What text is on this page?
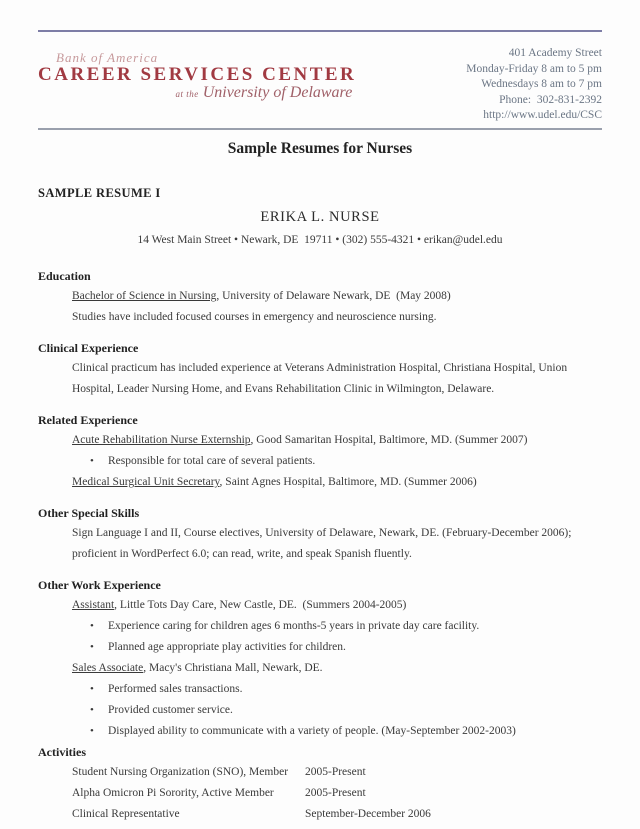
Bank of America
CAREER SERVICES CENTER
at the University of Delaware
401 Academy Street
Monday-Friday 8 am to 5 pm
Wednesdays 8 am to 7 pm
Phone:  302-831-2392
http://www.udel.edu/CSC
Sample Resumes for Nurses
SAMPLE RESUME I
ERIKA L. NURSE
14 West Main Street • Newark, DE  19711 • (302) 555-4321 • erikan@udel.edu
Education
Bachelor of Science in Nursing, University of Delaware Newark, DE  (May 2008)
Studies have included focused courses in emergency and neuroscience nursing.
Clinical Experience
Clinical practicum has included experience at Veterans Administration Hospital, Christiana Hospital, Union Hospital, Leader Nursing Home, and Evans Rehabilitation Clinic in Wilmington, Delaware.
Related Experience
Acute Rehabilitation Nurse Externship, Good Samaritan Hospital, Baltimore, MD. (Summer 2007)
•	Responsible for total care of several patients.
Medical Surgical Unit Secretary, Saint Agnes Hospital, Baltimore, MD. (Summer 2006)
Other Special Skills
Sign Language I and II, Course electives, University of Delaware, Newark, DE. (February-December 2006); proficient in WordPerfect 6.0; can read, write, and speak Spanish fluently.
Other Work Experience
Assistant, Little Tots Day Care, New Castle, DE.  (Summers 2004-2005)
•	Experience caring for children ages 6 months-5 years in private day care facility.
•	Planned age appropriate play activities for children.
Sales Associate, Macy's Christiana Mall, Newark, DE.
•	Performed sales transactions.
•	Provided customer service.
•	Displayed ability to communicate with a variety of people. (May-September 2002-2003)
Activities
Student Nursing Organization (SNO), Member	2005-Present
Alpha Omicron Pi Sorority, Active Member	2005-Present
Clinical Representative	September-December 2006
